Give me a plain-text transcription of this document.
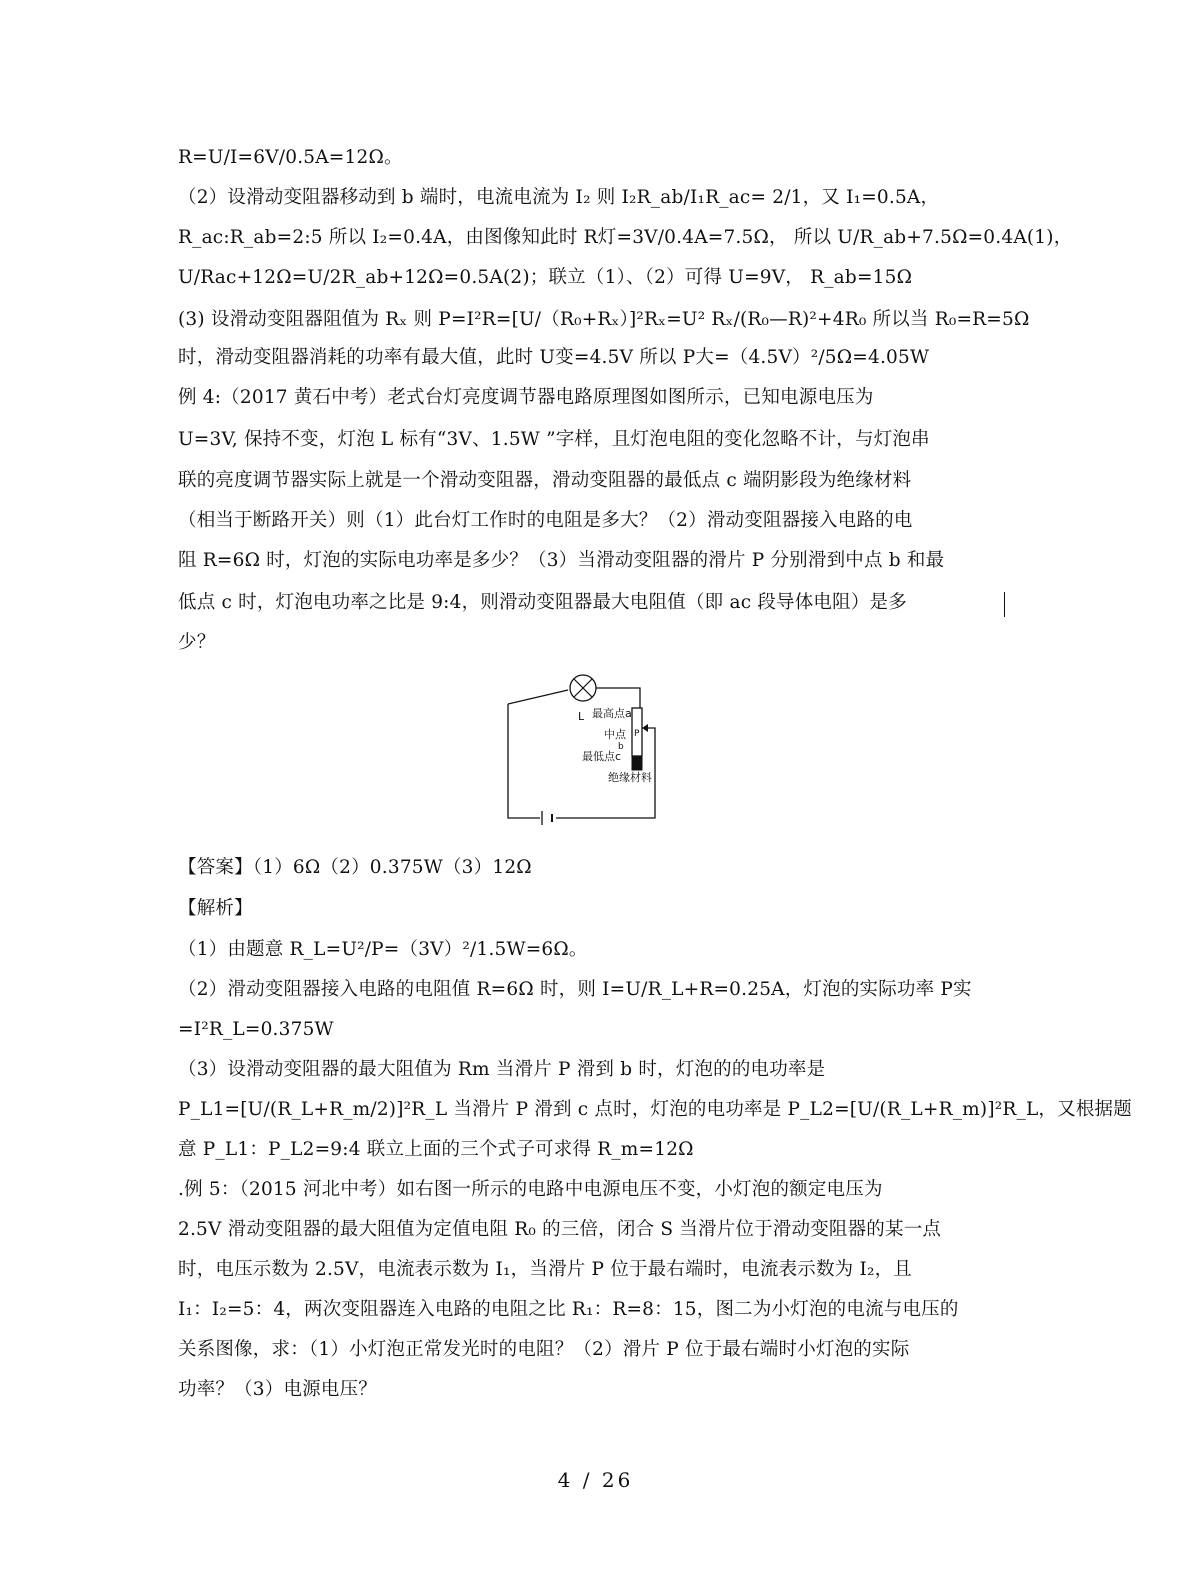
R=U/I=6V/0.5A=12Ω。
（2）设滑动变阻器移动到 b 端时，电流电流为 I₂ 则 I₂R_ab/I₁R_ac= 2/1，又 I₁=0.5A，
R_ac:R_ab=2:5 所以 I₂=0.4A，由图像知此时 R灯=3V/0.4A=7.5Ω， 所以 U/R_ab+7.5Ω=0.4A(1)，
U/Rac+12Ω=U/2R_ab+12Ω=0.5A(2)；联立（1）、（2）可得 U=9V， R_ab=15Ω
(3) 设滑动变阻器阻值为 Rₓ 则 P=I²R=[U/（R₀+Rₓ）]²Rₓ=U² Rₓ/(R₀—R)²+4R₀ 所以当 R₀=R=5Ω
时，滑动变阻器消耗的功率有最大值，此时 U变=4.5V 所以 P大=（4.5V）²/5Ω=4.05W
例 4:（2017 黄石中考）老式台灯亮度调节器电路原理图如图所示，已知电源电压为
U=3V, 保持不变，灯泡 L 标有“3V、1.5W ”字样，且灯泡电阻的变化忽略不计，与灯泡串
联的亮度调节器实际上就是一个滑动变阻器，滑动变阻器的最低点 c 端阴影段为绝缘材料
（相当于断路开关）则（1）此台灯工作时的电阻是多大？（2）滑动变阻器接入电路的电
阻 R=6Ω 时，灯泡的实际电功率是多少？（3）当滑动变阻器的滑片 P 分别滑到中点 b 和最
低点 c 时，灯泡电功率之比是 9:4，则滑动变阻器最大电阻值（即 ac 段导体电阻）是多
少？
L 最高点a
中点 P
b
最低点c
绝缘材料
【答案】（1）6Ω（2）0.375W（3）12Ω
【解析】
（1）由题意 R_L=U²/P=（3V）²/1.5W=6Ω。
（2）滑动变阻器接入电路的电阻值 R=6Ω 时，则 I=U/R_L+R=0.25A，灯泡的实际功率 P实
=I²R_L=0.375W
（3）设滑动变阻器的最大阻值为 Rm 当滑片 P 滑到 b 时，灯泡的的电功率是
P_L1=[U/(R_L+R_m/2)]²R_L 当滑片 P 滑到 c 点时，灯泡的电功率是 P_L2=[U/(R_L+R_m)]²R_L，又根据题
意 P_L1：P_L2=9:4 联立上面的三个式子可求得 R_m=12Ω
.例 5：（2015 河北中考）如右图一所示的电路中电源电压不变，小灯泡的额定电压为
2.5V 滑动变阻器的最大阻值为定值电阻 R₀ 的三倍，闭合 S 当滑片位于滑动变阻器的某一点
时，电压示数为 2.5V，电流表示数为 I₁，当滑片 P 位于最右端时，电流表示数为 I₂，且
I₁：I₂=5：4，两次变阻器连入电路的电阻之比 R₁：R=8：15，图二为小灯泡的电流与电压的
关系图像，求：（1）小灯泡正常发光时的电阻？（2）滑片 P 位于最右端时小灯泡的实际
功率？（3）电源电压？
4 / 26
